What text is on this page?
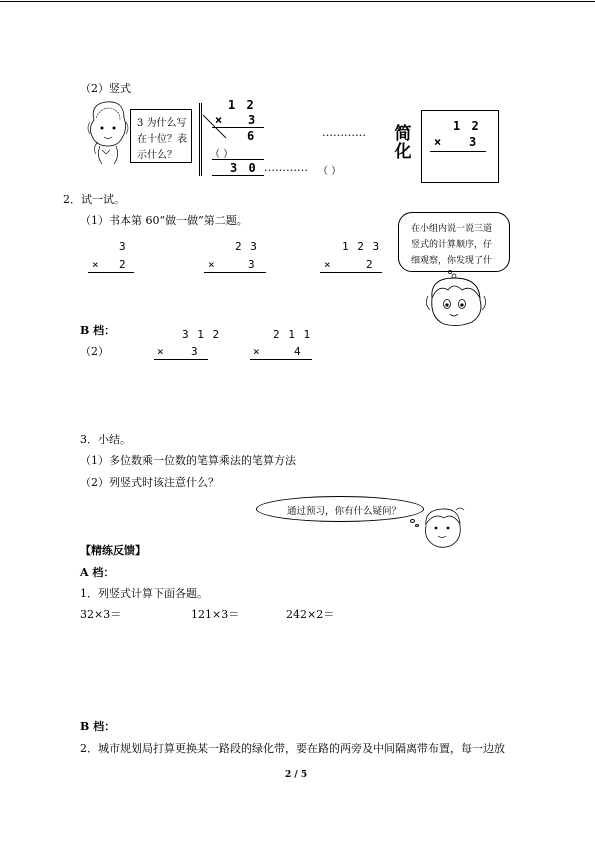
（2）竖式
3 为什么写
在十位？表
示什么？
1 2
× 3
6
（ ）
3 0
…………
………… （ ）
简化
1 2
× 3
2．试一试。
（1）书本第 60“做一做”第二题。
3
× 2
2 3
×	3
1 2 3
×	2
在小组内说一说三道
竖式的计算顺序，仔
细观察，你发现了什
B 档：
（2）
3 1 2
× 3
2 1 1
×	4
3．小结。
（1）多位数乘一位数的笔算乘法的笔算方法
（2）列竖式时该注意什么？
通过预习，你有什么疑问？
【精练反馈】
A 档：
1．列竖式计算下面各题。
32×3＝	121×3＝	242×2＝
B 档：
2．城市规划局打算更换某一路段的绿化带，要在路的两旁及中间隔离带布置，每一边放
2 / 5
